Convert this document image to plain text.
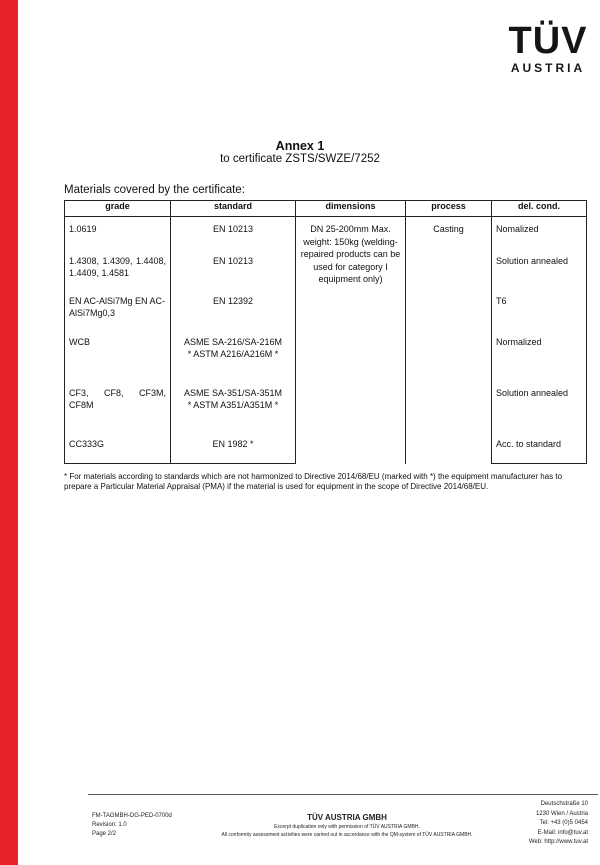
TÜV
AUSTRIA
Annex 1
to certificate ZSTS/SWZE/7252
Materials covered by the certificate:
grade	standard	dimensions	process	del. cond.
1.0619	EN 10213	DN 25-200mm Max. weight: 150kg (welding-repaired products can be used for category I equipment only)	Casting	Nomalized
1.4308, 1.4309, 1.4408, 1.4409, 1.4581	EN 10213			Solution annealed
EN AC-AlSi7Mg EN AC-AlSi7Mg0,3	EN 12392			T6
WCB	ASME SA-216/SA-216M * ASTM A216/A216M *			Normalized
CF3, CF8, CF3M, CF8M	ASME SA-351/SA-351M * ASTM A351/A351M *			Solution annealed
CC333G	EN 1982 *			Acc. to standard
* For materials according to standards which are not harmonized to Directive 2014/68/EU (marked with *) the equipment manufacturer has to prepare a Particular Material Appraisal (PMA) if the material is used for equipment in the scope of Directive 2014/68/EU.
FM-TAGMBH-DG-PED-0700d
Revision: 1.0
Page 2/2
TÜV AUSTRIA GMBH
Excerpt duplication only with permission of TÜV AUSTRIA GMBH.
All conformity assessment activities were carried out in accordance with the QM-system of TÜV AUSTRIA GMBH.
Deutschstraße 10
1230 Wien / Austria
Tel: +43 (0)5 0454
E-Mail: info@tuv.at
Web: http://www.tuv.at
